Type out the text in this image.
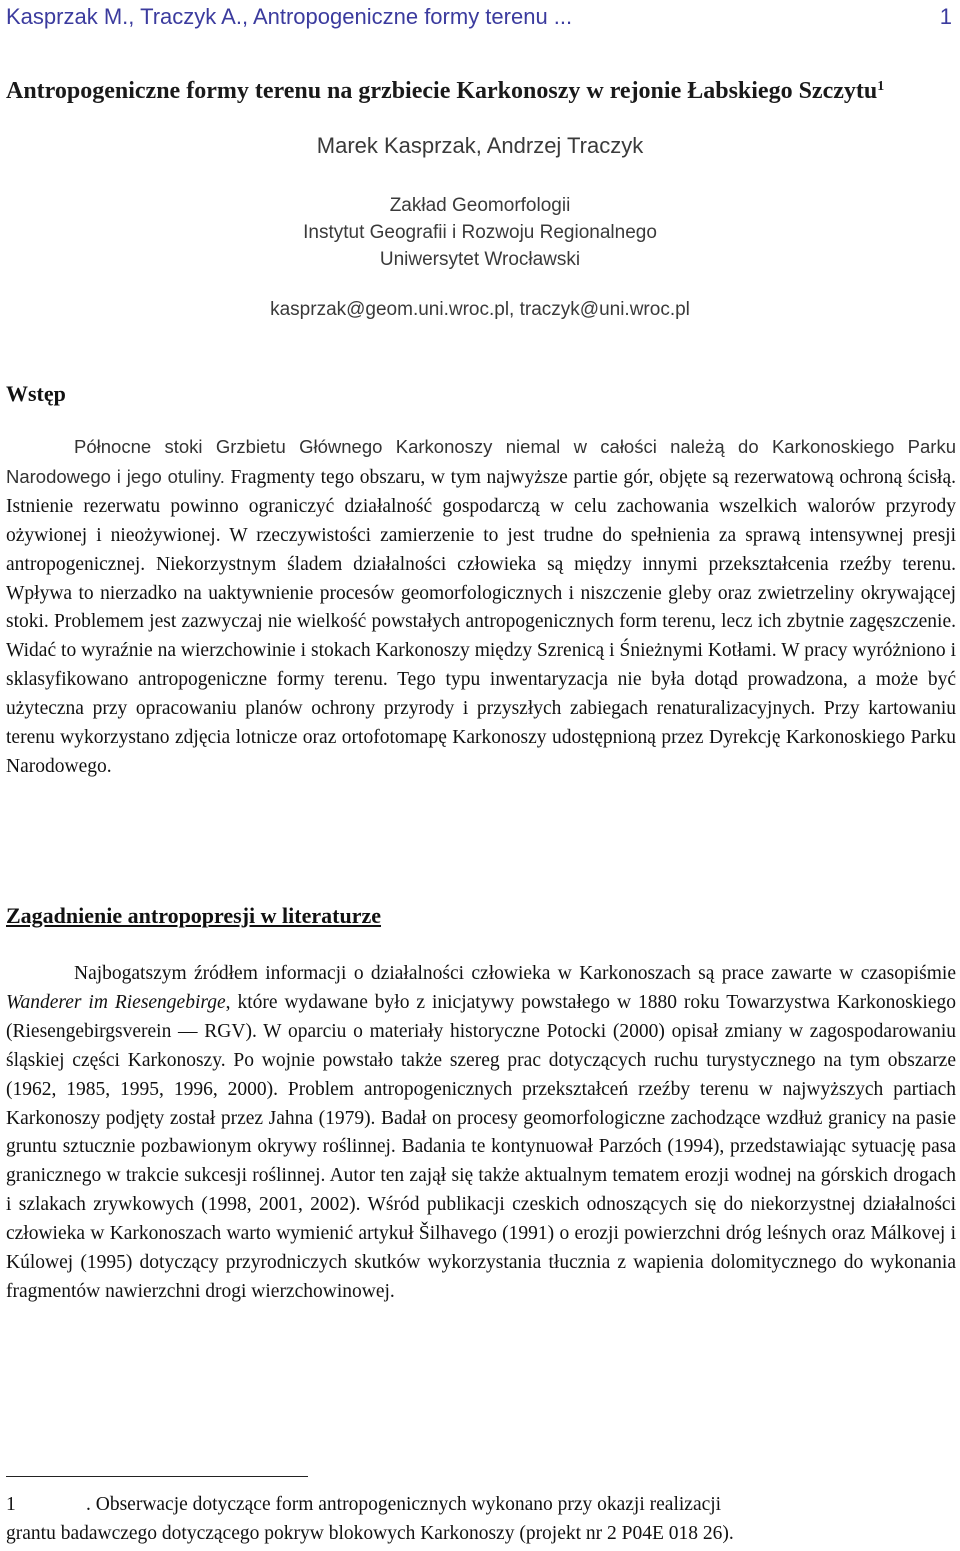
Kasprzak M., Traczyk A., Antropogeniczne formy terenu ...	1
Antropogeniczne formy terenu na grzbiecie Karkonoszy w rejonie Łabskiego Szczytu$^1$
Marek Kasprzak, Andrzej Traczyk
Zakład Geomorfologii
Instytut Geografii i Rozwoju Regionalnego
Uniwersytet Wrocławski
kasprzak@geom.uni.wroc.pl, traczyk@uni.wroc.pl
Wstęp

Północne stoki Grzbietu Głównego Karkonoszy niemal w całości należą do Karkonoskiego Parku Narodowego i jego otuliny. Fragmenty tego obszaru, w tym najwyższe partie gór, objęte są rezerwatową ochroną ścisłą. Istnienie rezerwatu powinno ograniczyć działalność gospodarczą w celu zachowania wszelkich walorów przyrody ożywionej i nieożywionej. W rzeczywistości zamierzenie to jest trudne do spełnienia za sprawą intensywnej presji antropogenicznej. Niekorzystnym śladem działalności człowieka są między innymi przekształcenia rzeźby terenu. Wpływa to nierzadko na uaktywnienie procesów geomorfologicznych i niszczenie gleby oraz zwietrzeliny okrywającej stoki. Problemem jest zazwyczaj nie wielkość powstałych antropogenicznych form terenu, lecz ich zbytnie zagęszczenie. Widać to wyraźnie na wierzchowinie i stokach Karkonoszy między Szrenicą i Śnieżnymi Kotłami. W pracy wyróżniono i sklasyfikowano antropogeniczne formy terenu. Tego typu inwentaryzacja nie była dotąd prowadzona, a może być użyteczna przy opracowaniu planów ochrony przyrody i przyszłych zabiegach renaturalizacyjnych. Przy kartowaniu terenu wykorzystano zdjęcia lotnicze oraz ortofotomapę Karkonoszy udostępnioną przez Dyrekcję Karkonoskiego Parku Narodowego.

Zagadnienie antropopresji w literaturze

Najbogatszym źródłem informacji o działalności człowieka w Karkonoszach są prace zawarte w czasopiśmie Wanderer im Riesengebirge, które wydawane było z inicjatywy powstałego w 1880 roku Towarzystwa Karkonoskiego (Riesengebirgsverein — RGV). W oparciu o materiały historyczne Potocki (2000) opisał zmiany w zagospodarowaniu śląskiej części Karkonoszy. Po wojnie powstało także szereg prac dotyczących ruchu turystycznego na tym obszarze (1962, 1985, 1995, 1996, 2000). Problem antropogenicznych przekształceń rzeźby terenu w najwyższych partiach Karkonoszy podjęty został przez Jahna (1979). Badał on procesy geomorfologiczne zachodzące wzdłuż granicy na pasie gruntu sztucznie pozbawionym okrywy roślinnej. Badania te kontynuował Parzóch (1994), przedstawiając sytuację pasa granicznego w trakcie sukcesji roślinnej. Autor ten zajął się także aktualnym tematem erozji wodnej na górskich drogach i szlakach zrywkowych (1998, 2001, 2002). Wśród publikacji czeskich odnoszących się do niekorzystnej działalności człowieka w Karkonoszach warto wymienić artykuł Šilhavego (1991) o erozji powierzchni dróg leśnych oraz Málkovej i Kúlowej (1995) dotyczący przyrodniczych skutków wykorzystania tłucznia z wapienia dolomitycznego do wykonania fragmentów nawierzchni drogi wierzchowinowej.

1	. Obserwacje dotyczące form antropogenicznych wykonano przy okazji realizacji
grantu badawczego dotyczącego pokryw blokowych Karkonoszy (projekt nr 2 P04E 018 26).
